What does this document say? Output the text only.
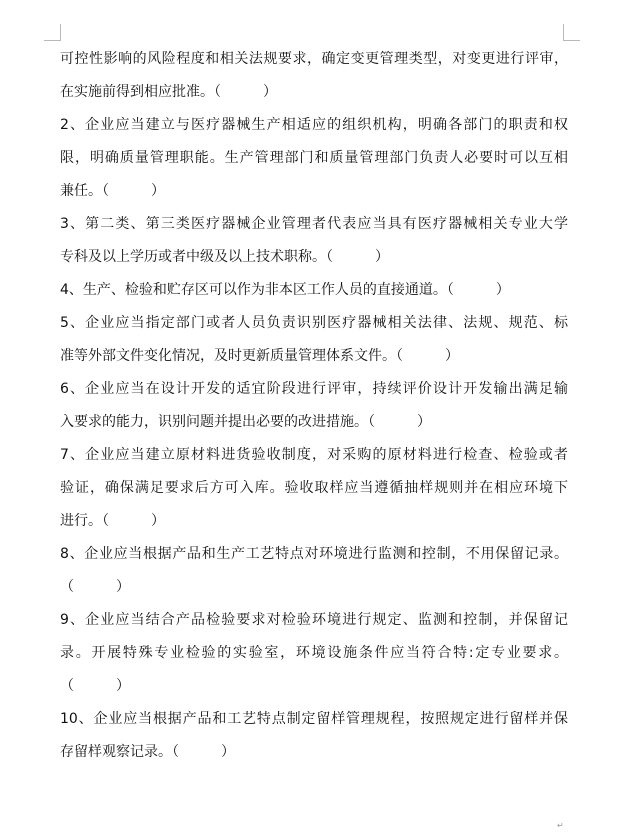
可控性影响的风险程度和相关法规要求，确定变更管理类型，对变更进行评审，
在实施前得到相应批准。（　　　）
2、企业应当建立与医疗器械生产相适应的组织机构，明确各部门的职责和权
限，明确质量管理职能。生产管理部门和质量管理部门负责人必要时可以互相
兼任。（　　　）
3、第二类、第三类医疗器械企业管理者代表应当具有医疗器械相关专业大学
专科及以上学历或者中级及以上技术职称。（　　　）
4、生产、检验和贮存区可以作为非本区工作人员的直接通道。（　　　）
5、企业应当指定部门或者人员负责识别医疗器械相关法律、法规、规范、标
准等外部文件变化情况，及时更新质量管理体系文件。（　　　）
6、企业应当在设计开发的适宜阶段进行评审，持续评价设计开发输出满足输
入要求的能力，识别问题并提出必要的改进措施。（　　　）
7、企业应当建立原材料进货验收制度，对采购的原材料进行检查、检验或者
验证，确保满足要求后方可入库。验收取样应当遵循抽样规则并在相应环境下
进行。（　　　）
8、企业应当根据产品和生产工艺特点对环境进行监测和控制，不用保留记录。
（　　　）
9、企业应当结合产品检验要求对检验环境进行规定、监测和控制，并保留记
录。开展特殊专业检验的实验室，环境设施条件应当符合特:定专业要求。
（　　　）
10、企业应当根据产品和工艺特点制定留样管理规程，按照规定进行留样并保
存留样观察记录。（　　　）
↵
